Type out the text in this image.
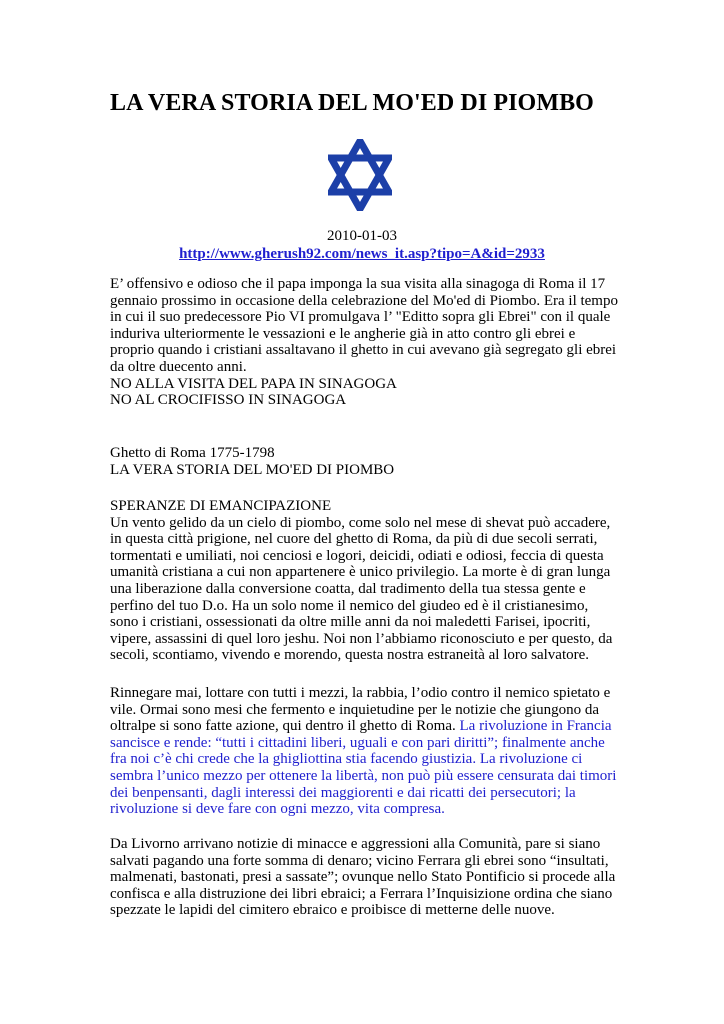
LA VERA STORIA DEL MO'ED DI PIOMBO
2010-01-03
http://www.gherush92.com/news_it.asp?tipo=A&id=2933

E’ offensivo e odioso che il papa imponga la sua visita alla sinagoga di Roma il 17 gennaio prossimo in occasione della celebrazione del Mo'ed di Piombo. Era il tempo in cui il suo predecessore Pio VI promulgava l’ "Editto sopra gli Ebrei" con il quale induriva ulteriormente le vessazioni e le angherie già in atto contro gli ebrei e proprio quando i cristiani assaltavano il ghetto in cui avevano già segregato gli ebrei da oltre duecento anni.

NO ALLA VISITA DEL PAPA IN SINAGOGA
NO AL CROCIFISSO IN SINAGOGA
Ghetto di Roma 1775-1798
LA VERA STORIA DEL MO'ED DI PIOMBO
SPERANZE DI EMANCIPAZIONE

Un vento gelido da un cielo di piombo, come solo nel mese di shevat può accadere, in questa città prigione, nel cuore del ghetto di Roma, da più di due secoli serrati, tormentati e umiliati, noi cenciosi e logori, deicidi, odiati e odiosi, feccia di questa umanità cristiana a cui non appartenere è unico privilegio. La morte è di gran lunga una liberazione dalla conversione coatta, dal tradimento della tua stessa gente e perfino del tuo D.o. Ha un solo nome il nemico del giudeo ed è il cristianesimo, sono i cristiani, ossessionati da oltre mille anni da noi maledetti Farisei, ipocriti, vipere, assassini di quel loro jeshu. Noi non l’abbiamo riconosciuto e per questo, da secoli, scontiamo, vivendo e morendo, questa nostra estraneità al loro salvatore.

Rinnegare mai, lottare con tutti i mezzi, la rabbia, l’odio contro il nemico spietato e vile. Ormai sono mesi che fermento e inquietudine per le notizie che giungono da oltralpe si sono fatte azione, qui dentro il ghetto di Roma. La rivoluzione in Francia sancisce e rende: “tutti i cittadini liberi, uguali e con pari diritti”; finalmente anche fra noi c’è chi crede che la ghigliottina stia facendo giustizia. La rivoluzione ci sembra l’unico mezzo per ottenere la libertà, non può più essere censurata dai timori dei benpensanti, dagli interessi dei maggiorenti e dai ricatti dei persecutori; la rivoluzione si deve fare con ogni mezzo, vita compresa.

Da Livorno arrivano notizie di minacce e aggressioni alla Comunità, pare si siano salvati pagando una forte somma di denaro; vicino Ferrara gli ebrei sono “insultati, malmenati, bastonati, presi a sassate”; ovunque nello Stato Pontificio si procede alla confisca e alla distruzione dei libri ebraici; a Ferrara l’Inquisizione ordina che siano spezzate le lapidi del cimitero ebraico e proibisce di metterne delle nuove.
